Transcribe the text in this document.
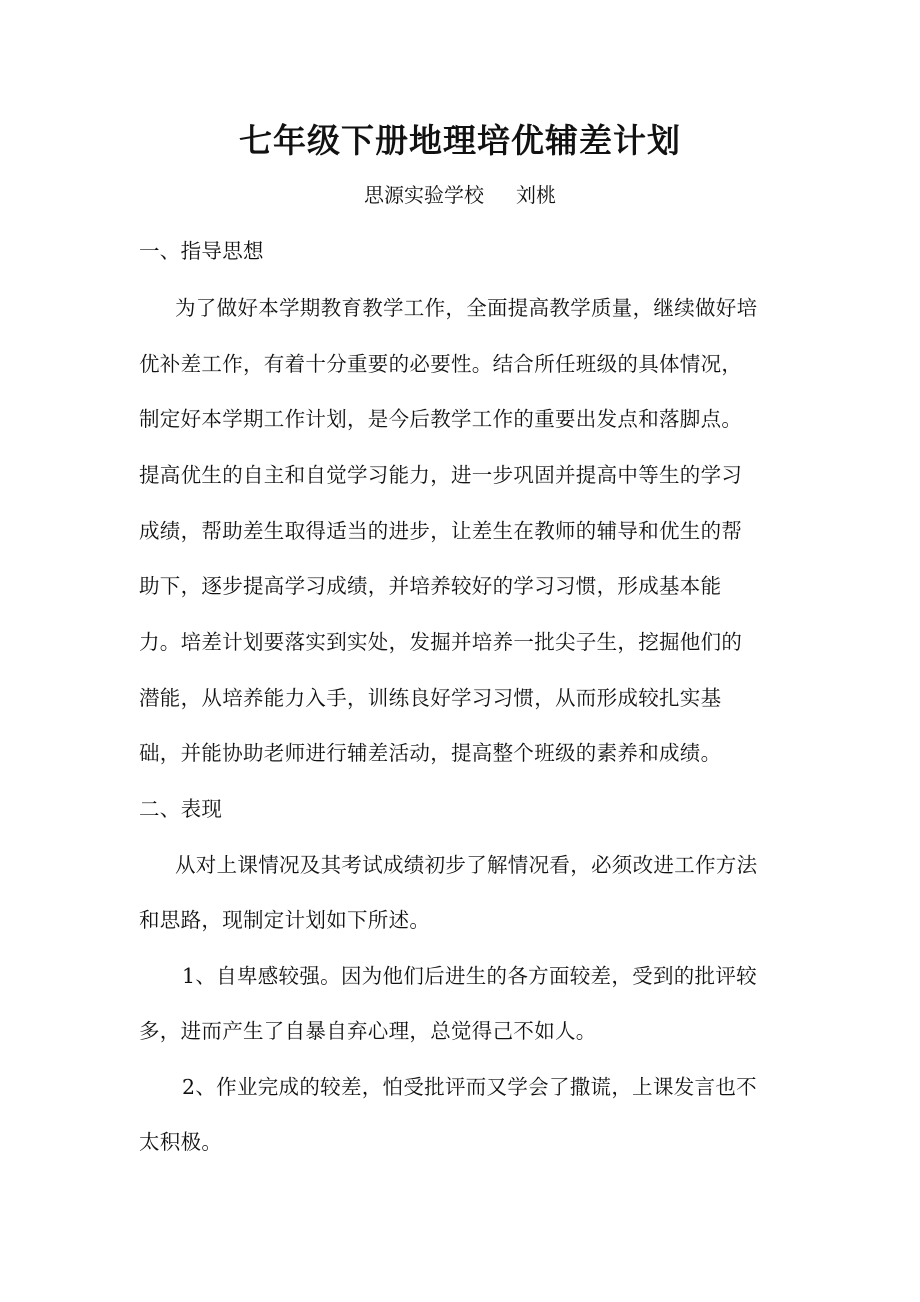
七年级下册地理培优辅差计划
思源实验学校 刘桃
一、指导思想
为了做好本学期教育教学工作，全面提高教学质量，继续做好培
优补差工作，有着十分重要的必要性。结合所任班级的具体情况，
制定好本学期工作计划，是今后教学工作的重要出发点和落脚点。
提高优生的自主和自觉学习能力，进一步巩固并提高中等生的学习
成绩，帮助差生取得适当的进步，让差生在教师的辅导和优生的帮
助下，逐步提高学习成绩，并培养较好的学习习惯，形成基本能
力。培差计划要落实到实处，发掘并培养一批尖子生，挖掘他们的
潜能，从培养能力入手，训练良好学习习惯，从而形成较扎实基
础，并能协助老师进行辅差活动，提高整个班级的素养和成绩。
二、表现
从对上课情况及其考试成绩初步了解情况看，必须改进工作方法
和思路，现制定计划如下所述。
1、自卑感较强。因为他们后进生的各方面较差，受到的批评较
多，进而产生了自暴自弃心理，总觉得己不如人。
2、作业完成的较差，怕受批评而又学会了撒谎，上课发言也不
太积极。
